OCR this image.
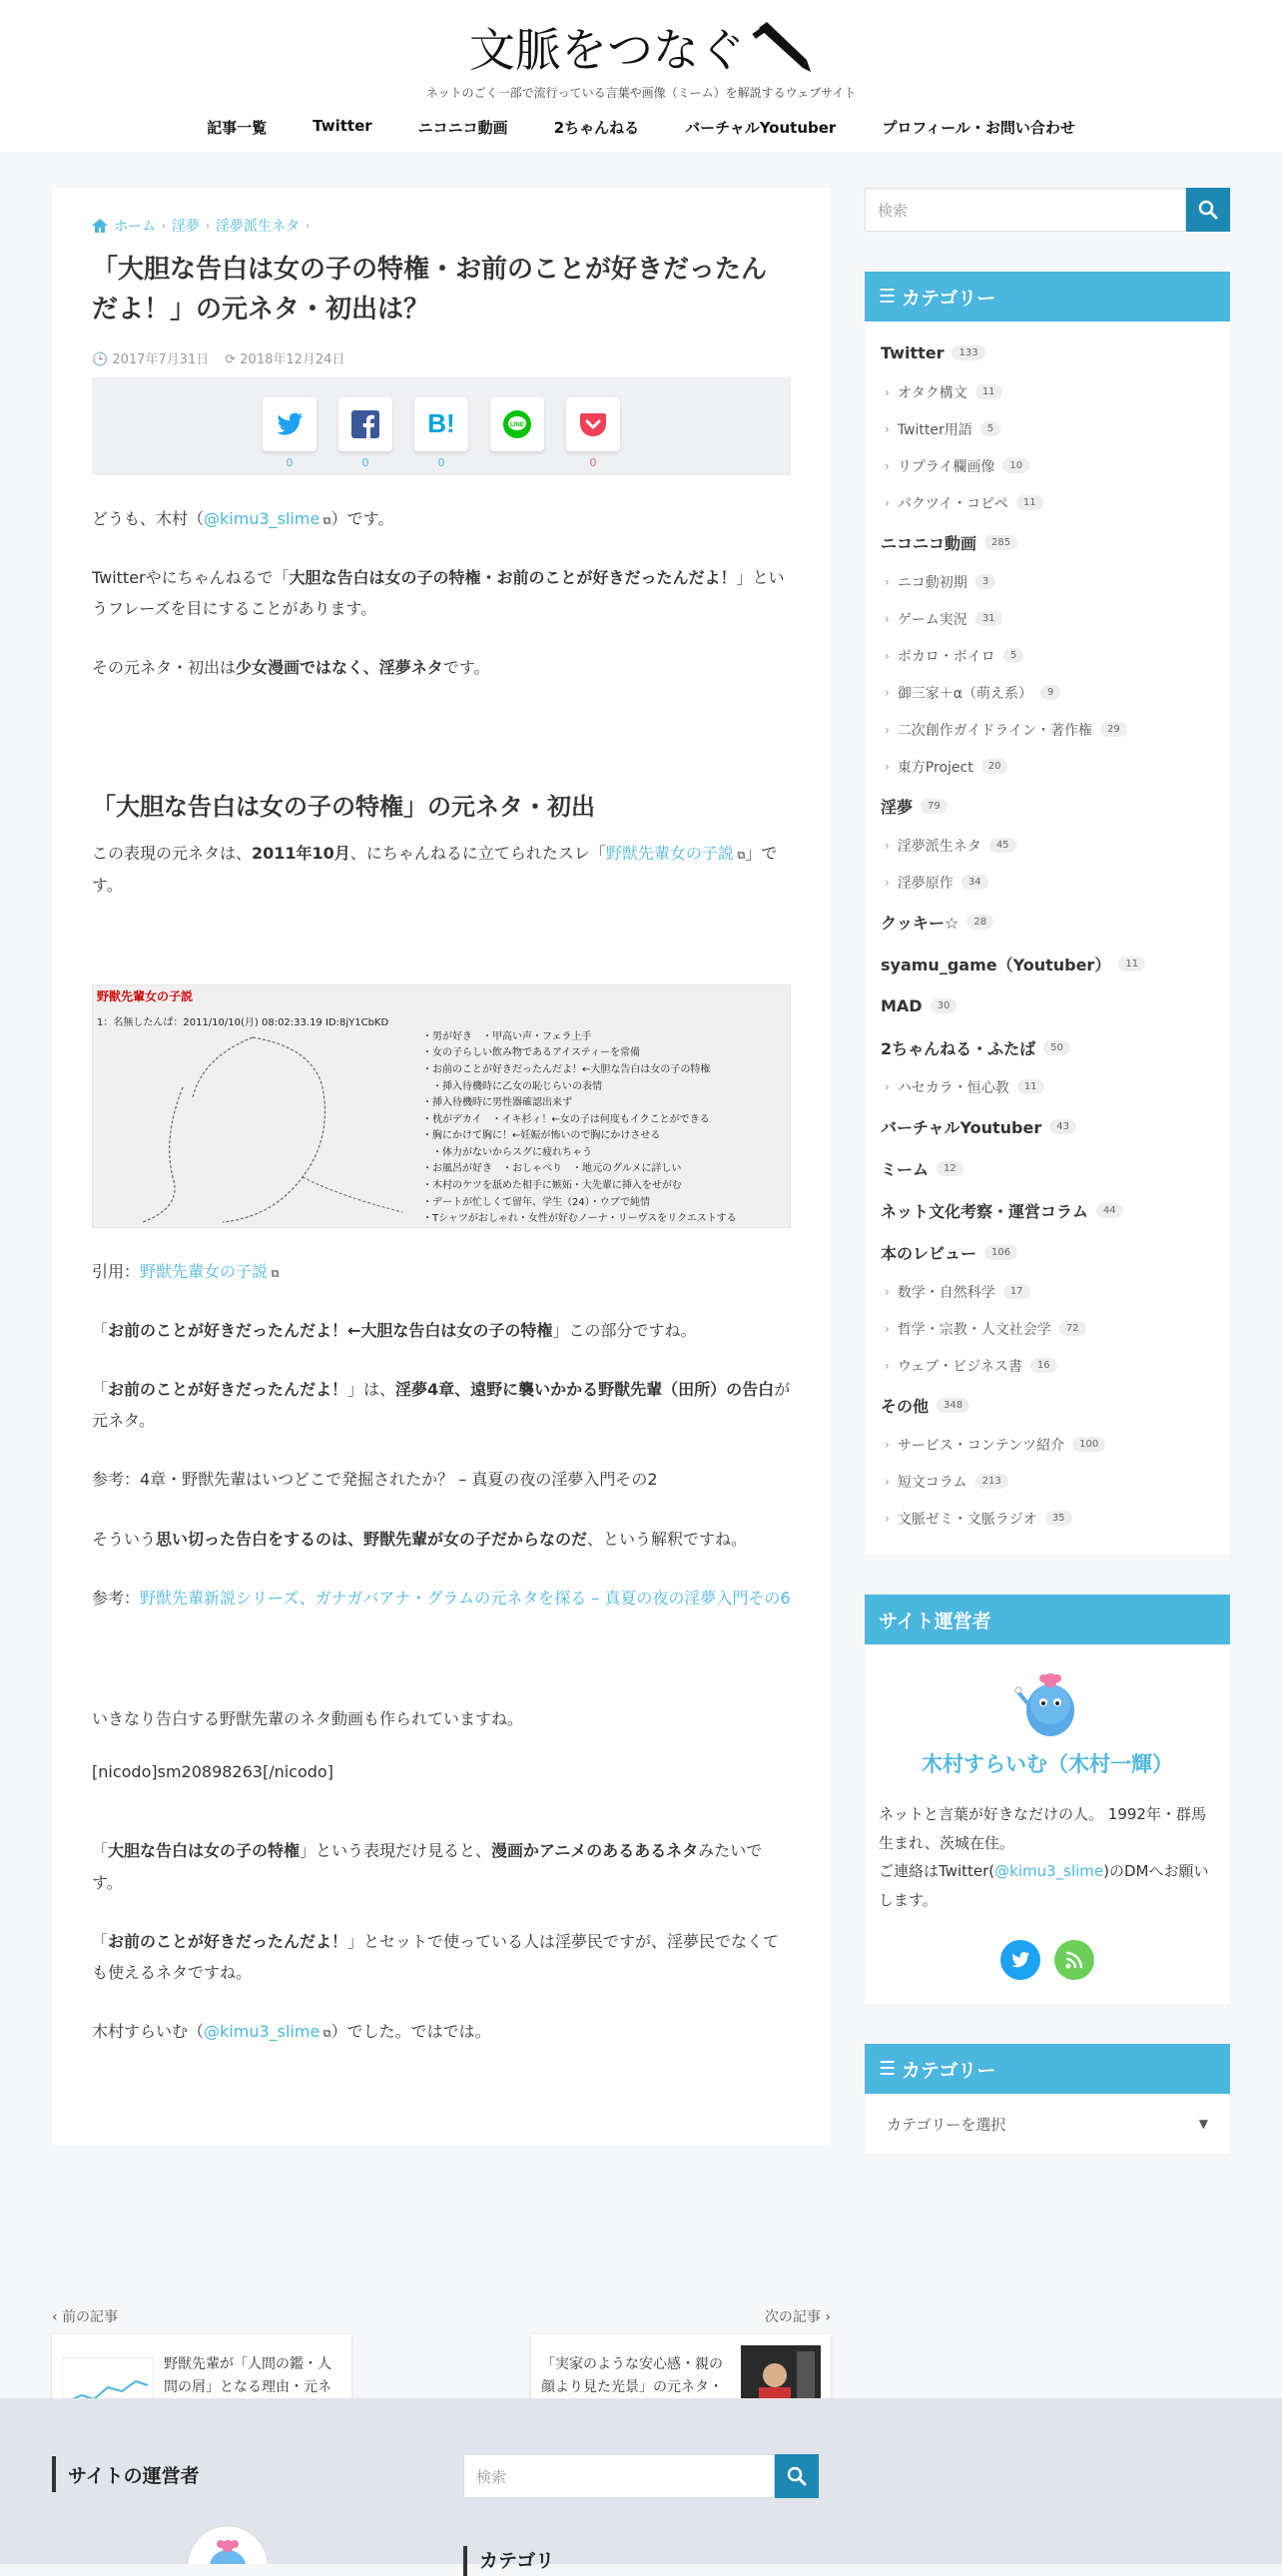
文脈をつなぐ
ネットのごく一部で流行っている言葉や画像（ミーム）を解説するウェブサイト
記事一覧	Twitter	ニコニコ動画	2ちゃんねる	バーチャルYoutuber	プロフィール・お問い合わせ
ホーム › 淫夢 › 淫夢派生ネタ ›
「大胆な告白は女の子の特権・お前のことが好きだったんだよ！」の元ネタ・初出は？
🕒 2017年7月31日 ⟳ 2018年12月24日
0	0
B!
0
LINE
0

どうも、木村（@kimu3_slime ⧉）です。

Twitterやにちゃんねるで「大胆な告白は女の子の特権・お前のことが好きだったんだよ！」というフレーズを目にすることがあります。

その元ネタ・初出は少女漫画ではなく、淫夢ネタです。

「大胆な告白は女の子の特権」の元ネタ・初出

この表現の元ネタは、2011年10月、にちゃんねるに立てられたスレ「野獣先輩女の子説 ⧉」です。

野獣先輩女の子説
1：名無したんぱ：2011/10/10(月) 08:02:33.19 ID:8jY1CbKD
・男が好き　・甲高い声・フェラ上手
・女の子らしい飲み物であるアイスティーを常備
・お前のことが好きだったんだよ！←大胆な告白は女の子の特権
　・挿入待機時に乙女の恥じらいの表情
・挿入待機時に男性器確認出来ず
・枕がデカイ　・イキ杉ィ！←女の子は何度もイクことができる
・胸にかけて胸に！←妊娠が怖いので胸にかけさせる
　・体力がないからスグに疲れちゃう
・お風呂が好き　・おしゃべり　・地元のグルメに詳しい
・木村のケツを舐めた相手に嫉妬・大先輩に挿入をせがむ
・デートが忙しくて留年、学生（24）・ウブで純情
・Tシャツがおしゃれ・女性が好むノーナ・リーヴスをリクエストする

引用：野獣先輩女の子説 ⧉

「お前のことが好きだったんだよ！←大胆な告白は女の子の特権」この部分ですね。

「お前のことが好きだったんだよ！」は、淫夢4章、遠野に襲いかかる野獣先輩（田所）の告白が元ネタ。

参考：4章・野獣先輩はいつどこで発掘されたか？ – 真夏の夜の淫夢入門その2

そういう思い切った告白をするのは、野獣先輩が女の子だからなのだ、という解釈ですね。

参考：野獣先輩新説シリーズ、ガナガバアナ・グラムの元ネタを探る – 真夏の夜の淫夢入門その6

いきなり告白する野獣先輩のネタ動画も作られていますね。

[nicodo]sm20898263[/nicodo]

「大胆な告白は女の子の特権」という表現だけ見ると、漫画かアニメのあるあるネタみたいです。

「お前のことが好きだったんだよ！」とセットで使っている人は淫夢民ですが、淫夢民でなくても使えるネタですね。

木村すらいむ（@kimu3_slime ⧉）でした。ではでは。

検索
☰ カテゴリー
Twitter	133
› オタク構文	11
› Twitter用語	5
› リプライ欄画像	10
› パクツイ・コピペ	11
ニコニコ動画	285
› ニコ動初期	3
› ゲーム実況	31
› ボカロ・ボイロ	5
› 御三家＋α（萌え系）	9
› 二次創作ガイドライン・著作権	29
› 東方Project	20
淫夢	79
› 淫夢派生ネタ	45
› 淫夢原作	34
クッキー☆	28
syamu_game（Youtuber）	11
MAD	30
2ちゃんねる・ふたば	50
› ハセカラ・恒心教	11
バーチャルYoutuber	43
ミーム	12
ネット文化考察・運営コラム	44
本のレビュー	106
› 数学・自然科学	17
› 哲学・宗教・人文社会学	72
› ウェブ・ビジネス書	16
その他	348
› サービス・コンテンツ紹介	100
› 短文コラム	213
› 文脈ゼミ・文脈ラジオ	35
サイト運営者
木村すらいむ（木村一輝）
ネットと言葉が好きなだけの人。 1992年・群馬生まれ、茨城在住。
ご連絡はTwitter(@kimu3_slime)のDMへお願いします。
☰ カテゴリー
カテゴリーを選択	▼
‹ 前の記事	次の記事 ›
野獣先輩が「人間の鑑・人間の屑」となる理由・元ネ
「実家のような安心感・親の顔より見た光景」の元ネタ・
サイトの運営者	検索
カテゴリ
